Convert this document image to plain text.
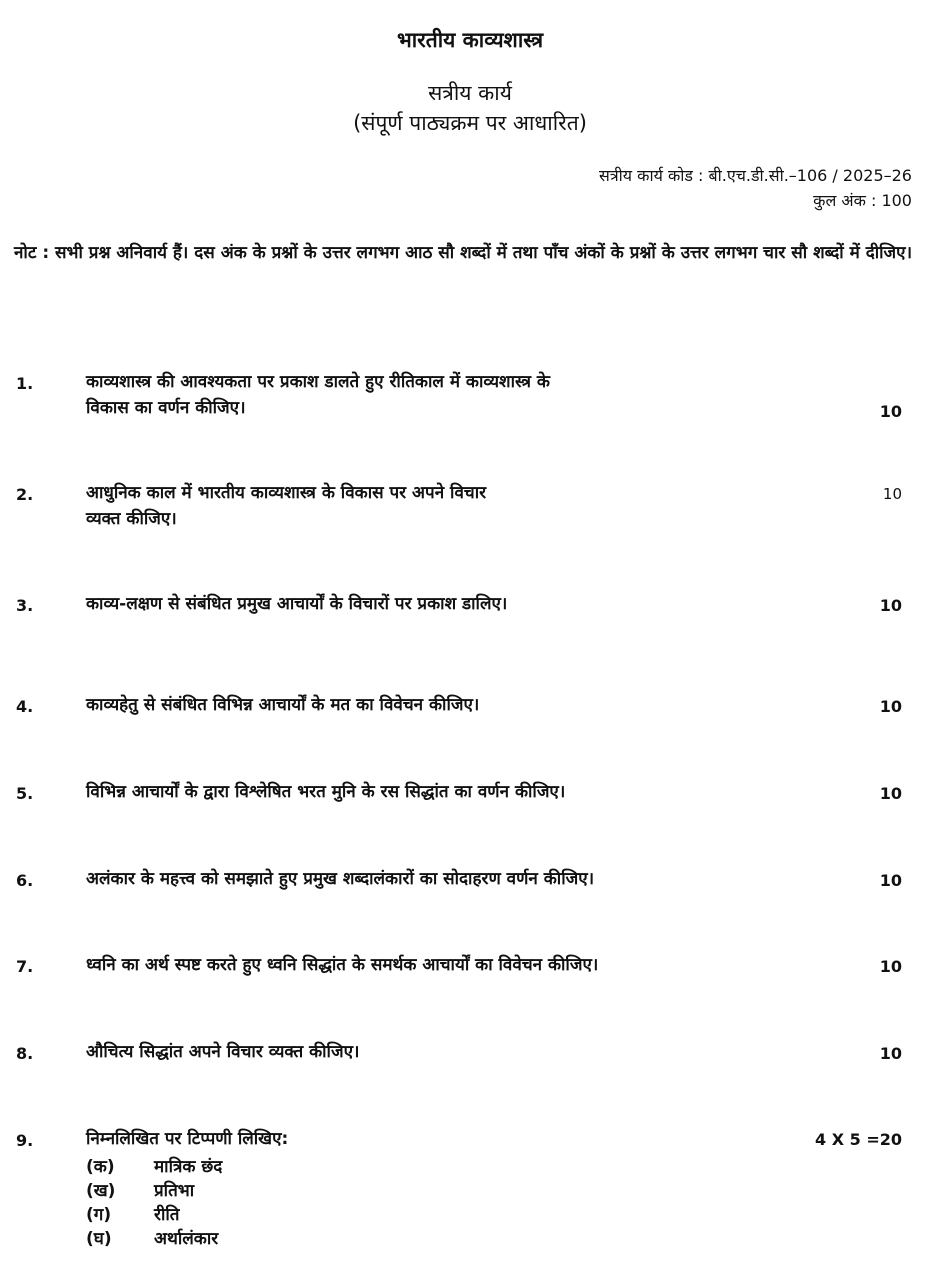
भारतीय काव्यशास्त्र
सत्रीय कार्य
(संपूर्ण पाठ्यक्रम पर आधारित)
सत्रीय कार्य कोड : बी.एच.डी.सी.–106 / 2025–26
कुल अंक : 100
नोट : सभी प्रश्न अनिवार्य हैं। दस अंक के प्रश्नों के उत्तर लगभग आठ सौ शब्दों में तथा पाँच अंकों के प्रश्नों के उत्तर लगभग चार सौ शब्दों में दीजिए।
1.	काव्यशास्त्र की आवश्यकता पर प्रकाश डालते हुए रीतिकाल में काव्यशास्त्र के
विकास का वर्णन कीजिए।	10
2.	आधुनिक काल में भारतीय काव्यशास्त्र के विकास पर अपने विचार
व्यक्त कीजिए।
10
3.	काव्य-लक्षण से संबंधित प्रमुख आचार्यों के विचारों पर प्रकाश डालिए।	10
4.	काव्यहेतु से संबंधित विभिन्न आचार्यों के मत का विवेचन कीजिए।	10
5.	विभिन्न आचार्यों के द्वारा विश्लेषित भरत मुनि के रस सिद्धांत का वर्णन कीजिए।	10
6.	अलंकार के महत्त्व को समझाते हुए प्रमुख शब्दालंकारों का सोदाहरण वर्णन कीजिए।	10
7.	ध्वनि का अर्थ स्पष्ट करते हुए ध्वनि सिद्धांत के समर्थक आचार्यों का विवेचन कीजिए।	10
8.	औचित्य सिद्धांत अपने विचार व्यक्त कीजिए।	10
9.	निम्नलिखित पर टिप्पणी लिखिए:	4 X 5 =20
(क) मात्रिक छंद
(ख) प्रतिभा
(ग)	रीति
(घ) अर्थालंकार
